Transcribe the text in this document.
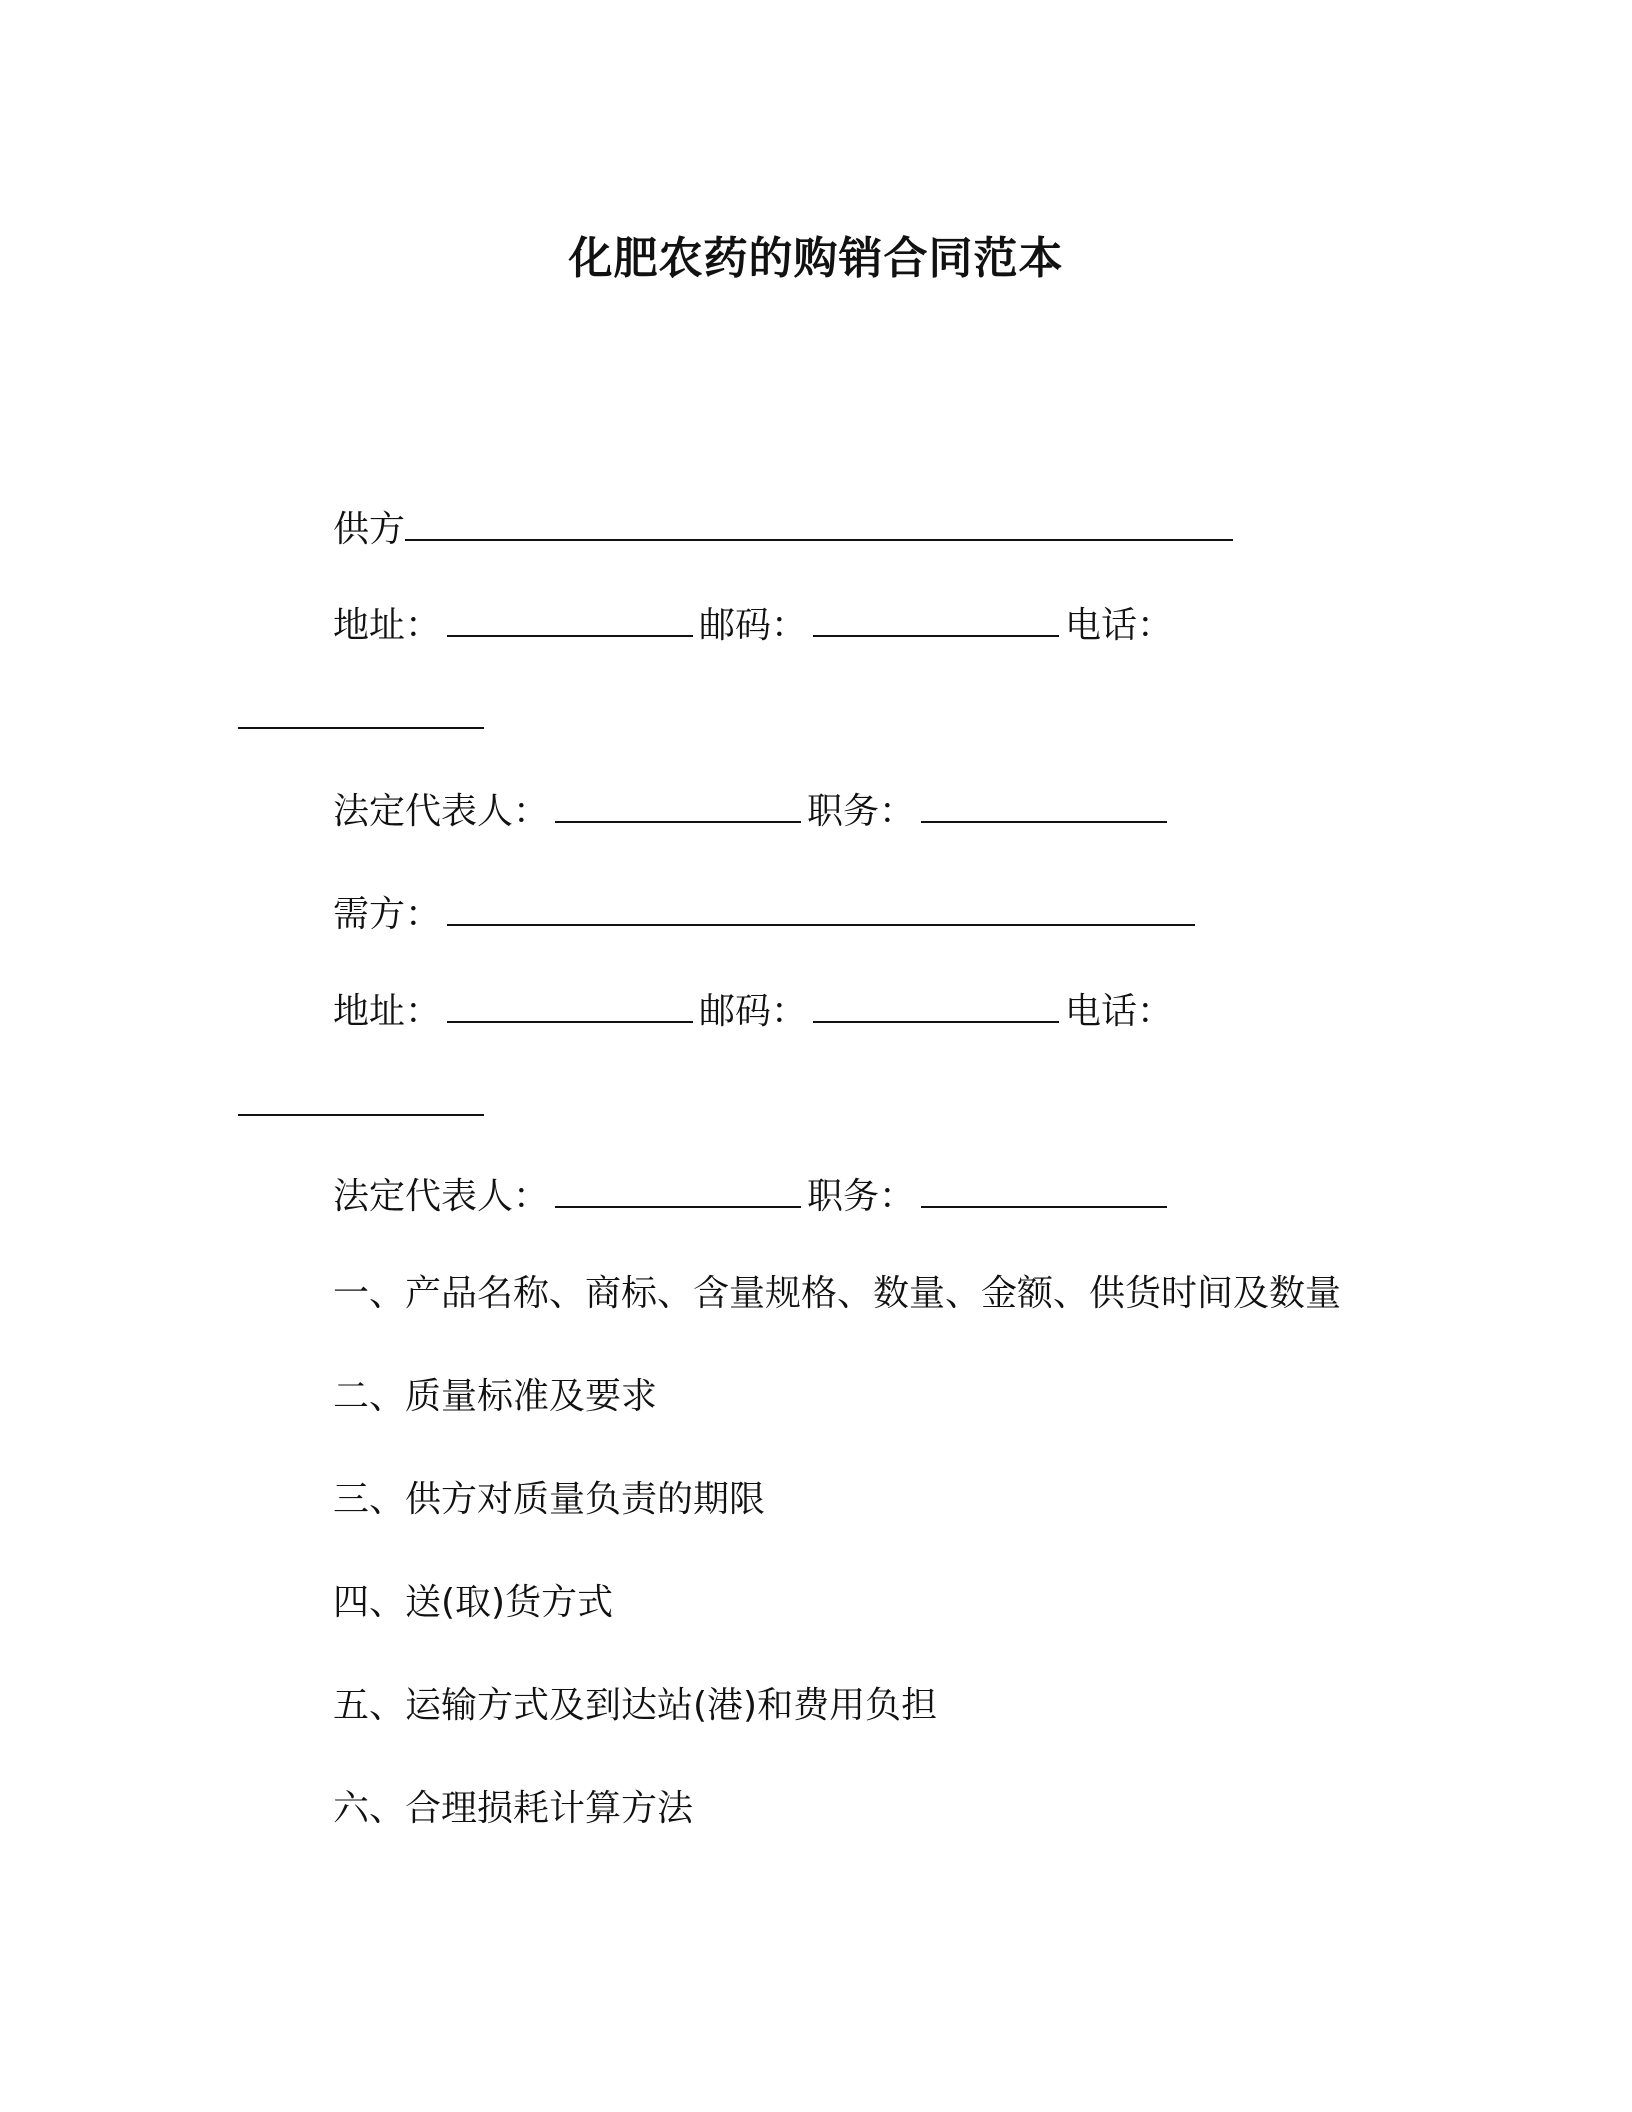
化肥农药的购销合同范本
供方
地址：	邮码：	电话：
法定代表人：	职务：
需方：
地址：	邮码：	电话：
法定代表人：	职务：
一、产品名称、商标、含量规格、数量、金额、供货时间及数量
二、质量标准及要求
三、供方对质量负责的期限
四、送(取)货方式
五、运输方式及到达站(港)和费用负担
六、合理损耗计算方法
